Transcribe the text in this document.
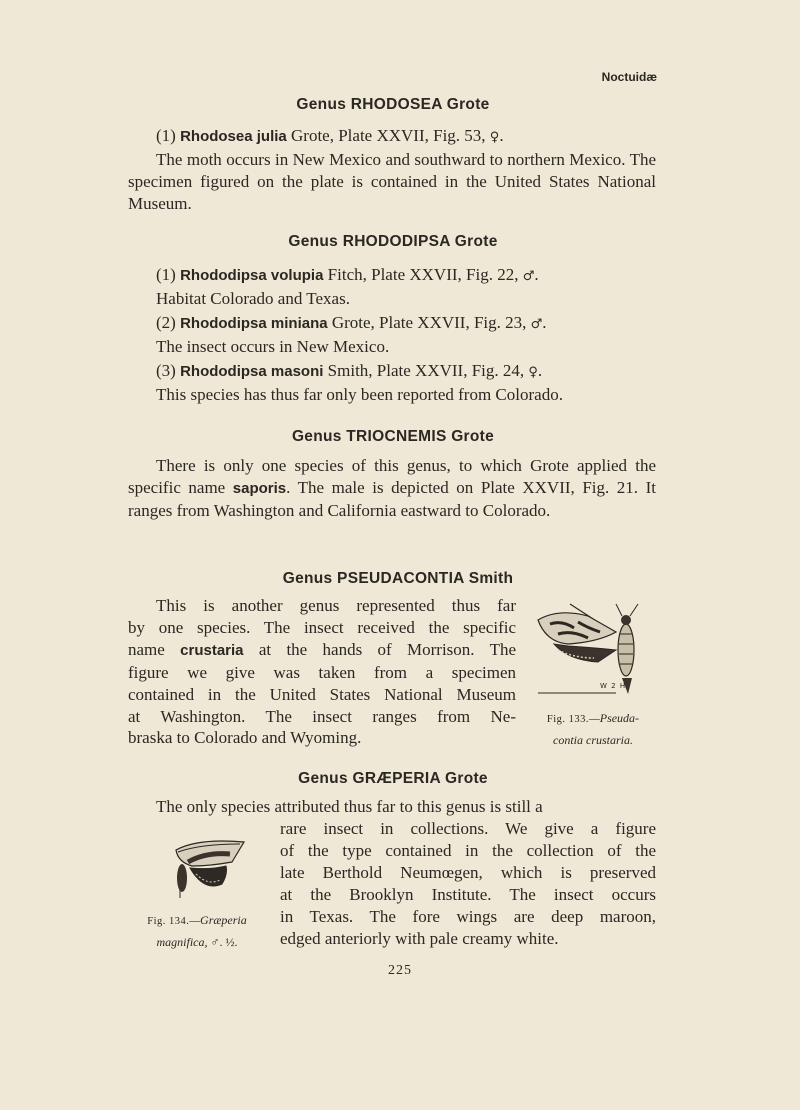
Noctuidæ
Genus RHODOSEA Grote
(1) Rhodosea julia Grote, Plate XXVII, Fig. 53, ♀.
The moth occurs in New Mexico and southward to northern Mexico. The specimen figured on the plate is contained in the United States National Museum.
Genus RHODODIPSA Grote
(1) Rhododipsa volupia Fitch, Plate XXVII, Fig. 22, ♂.
Habitat Colorado and Texas.
(2) Rhododipsa miniana Grote, Plate XXVII, Fig. 23, ♂.
The insect occurs in New Mexico.
(3) Rhododipsa masoni Smith, Plate XXVII, Fig. 24, ♀.
This species has thus far only been reported from Colorado.
Genus TRIOCNEMIS Grote
There is only one species of this genus, to which Grote applied the specific name saporis. The male is depicted on Plate XXVII, Fig. 21. It ranges from Washington and California eastward to Colorado.
Genus PSEUDACONTIA Smith
This is another genus represented thus far
by one species. The insect received the specific
name crustaria at the hands of Morrison. The
figure we give was taken from a specimen
contained in the United States National Museum
at Washington. The insect ranges from Ne-
braska to Colorado and Wyoming.
W 2 H
Fig. 133.—Pseuda-
contia crustaria.
Genus GRÆPERIA Grote
The only species attributed thus far to this genus is still a
rare insect in collections. We give a figure
of the type contained in the collection of the
late Berthold Neumœgen, which is preserved
at the Brooklyn Institute. The insect occurs
in Texas. The fore wings are deep maroon,
edged anteriorly with pale creamy white.
Fig. 134.—Græperia
magnifica, ♂. ½.
225
